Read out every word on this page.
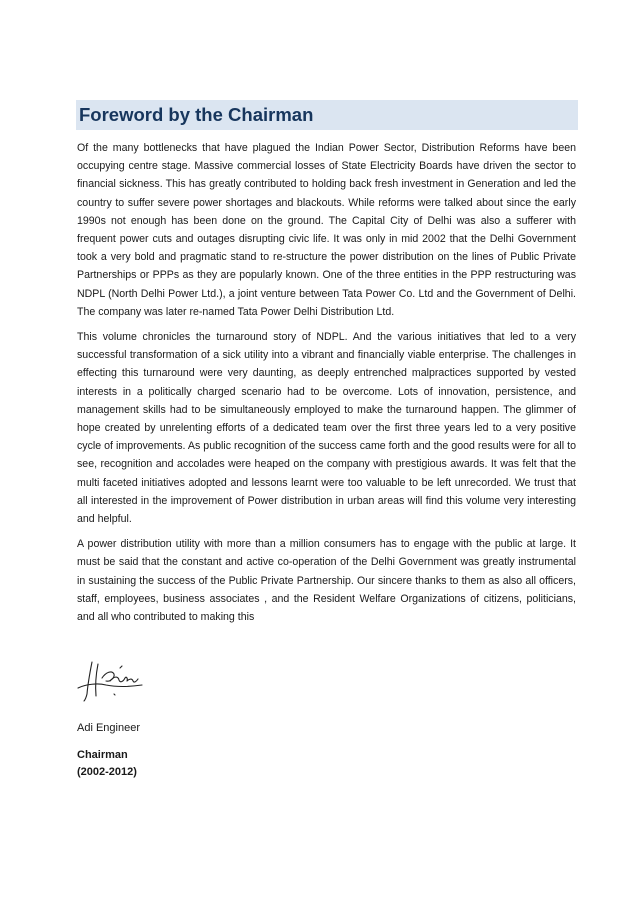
Foreword by the Chairman

Of the many bottlenecks that have plagued the Indian Power Sector, Distribution Reforms have been occupying centre stage. Massive commercial losses of State Electricity Boards have driven the sector to financial sickness. This has greatly contributed to holding back fresh investment in Generation and led the country to suffer severe power shortages and blackouts. While reforms were talked about since the early 1990s not enough has been done on the ground. The Capital City of Delhi was also a sufferer with frequent power cuts and outages disrupting civic life. It was only in mid 2002 that the Delhi Government took a very bold and pragmatic stand to re-structure the power distribution on the lines of Public Private Partnerships or PPPs as they are popularly known. One of the three entities in the PPP restructuring was NDPL (North Delhi Power Ltd.), a joint venture between Tata Power Co. Ltd and the Government of Delhi. The company was later re-named Tata Power Delhi Distribution Ltd.

This volume chronicles the turnaround story of NDPL. And the various initiatives that led to a very successful transformation of a sick utility into a vibrant and financially viable enterprise. The challenges in effecting this turnaround were very daunting, as deeply entrenched malpractices supported by vested interests in a politically charged scenario had to be overcome. Lots of innovation, persistence, and management skills had to be simultaneously employed to make the turnaround happen. The glimmer of hope created by unrelenting efforts of a dedicated team over the first three years led to a very positive cycle of improvements. As public recognition of the success came forth and the good results were for all to see, recognition and accolades were heaped on the company with prestigious awards. It was felt that the multi faceted initiatives adopted and lessons learnt were too valuable to be left unrecorded. We trust that all interested in the improvement of Power distribution in urban areas will find this volume very interesting and helpful.

A power distribution utility with more than a million consumers has to engage with the public at large. It must be said that the constant and active co-operation of the Delhi Government was greatly instrumental in sustaining the success of the Public Private Partnership. Our sincere thanks to them as also all officers, staff, employees, business associates , and the Resident Welfare Organizations of citizens, politicians, and all who contributed to making this

Adi Engineer

Chairman
(2002-2012)
